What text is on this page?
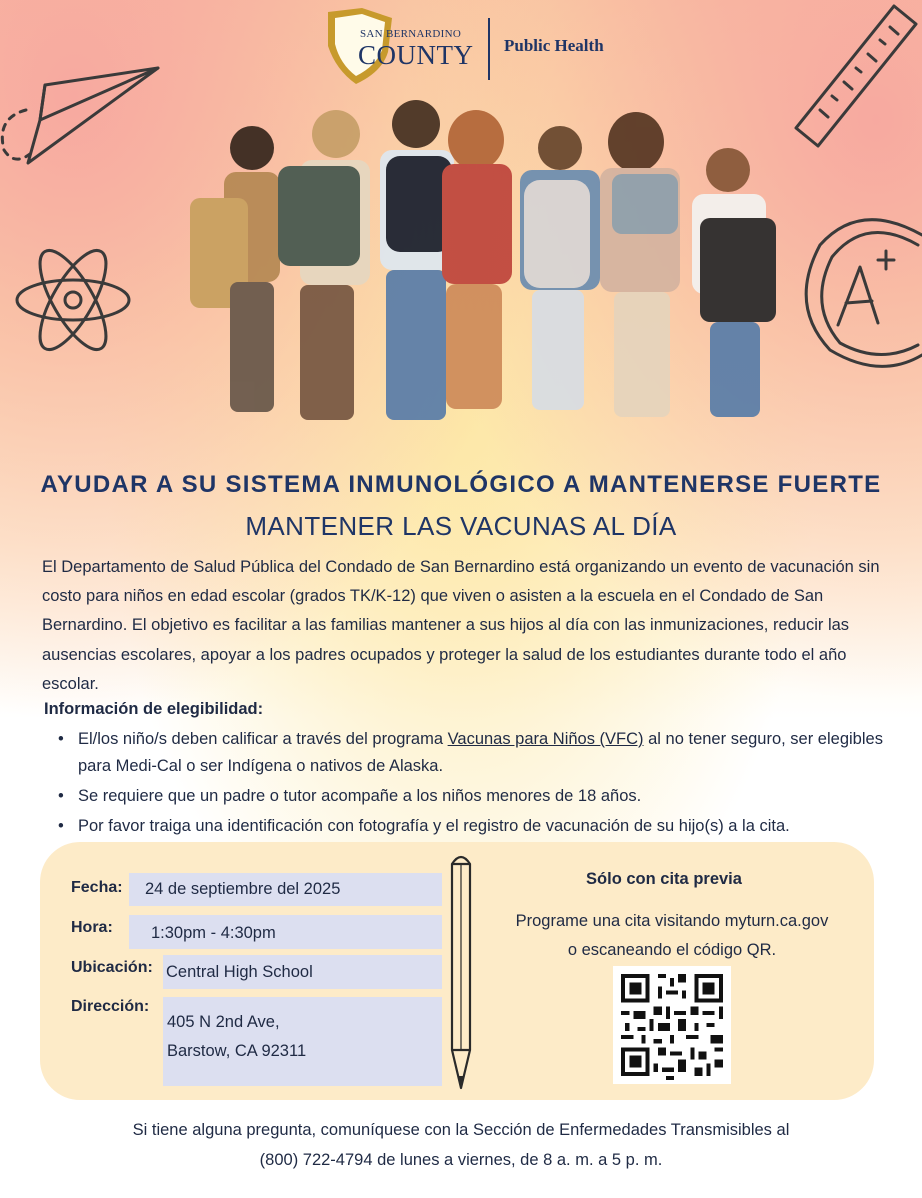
SAN BERNARDINO
COUNTY Public Health
AYUDAR A SU SISTEMA INMUNOLÓGICO A MANTENERSE FUERTE
MANTENER LAS VACUNAS AL DÍA
El Departamento de Salud Pública del Condado de San Bernardino está organizando un evento de vacunación sin costo para niños en edad escolar (grados TK/K-12) que viven o asisten a la escuela en el Condado de San Bernardino. El objetivo es facilitar a las familias mantener a sus hijos al día con las inmunizaciones, reducir las ausencias escolares, apoyar a los padres ocupados y proteger la salud de los estudiantes durante todo el año escolar.
Información de elegibilidad:
• El/los niño/s deben calificar a través del programa Vacunas para Niños (VFC) al no tener seguro, ser elegibles para Medi-Cal o ser Indígena o nativos de Alaska.
• Se requiere que un padre o tutor acompañe a los niños menores de 18 años.
• Por favor traiga una identificación con fotografía y el registro de vacunación de su hijo(s) a la cita.
Fecha:	24 de septiembre del 2025
Hora:	1:30pm - 4:30pm
Ubicación: Central High School
Dirección:
405 N 2nd Ave,
Barstow, CA 92311
Sólo con cita previa
Programe una cita visitando myturn.ca.gov
o escaneando el código QR.
Si tiene alguna pregunta, comuníquese con la Sección de Enfermedades Transmisibles al
(800) 722-4794 de lunes a viernes, de 8 a. m. a 5 p. m.
